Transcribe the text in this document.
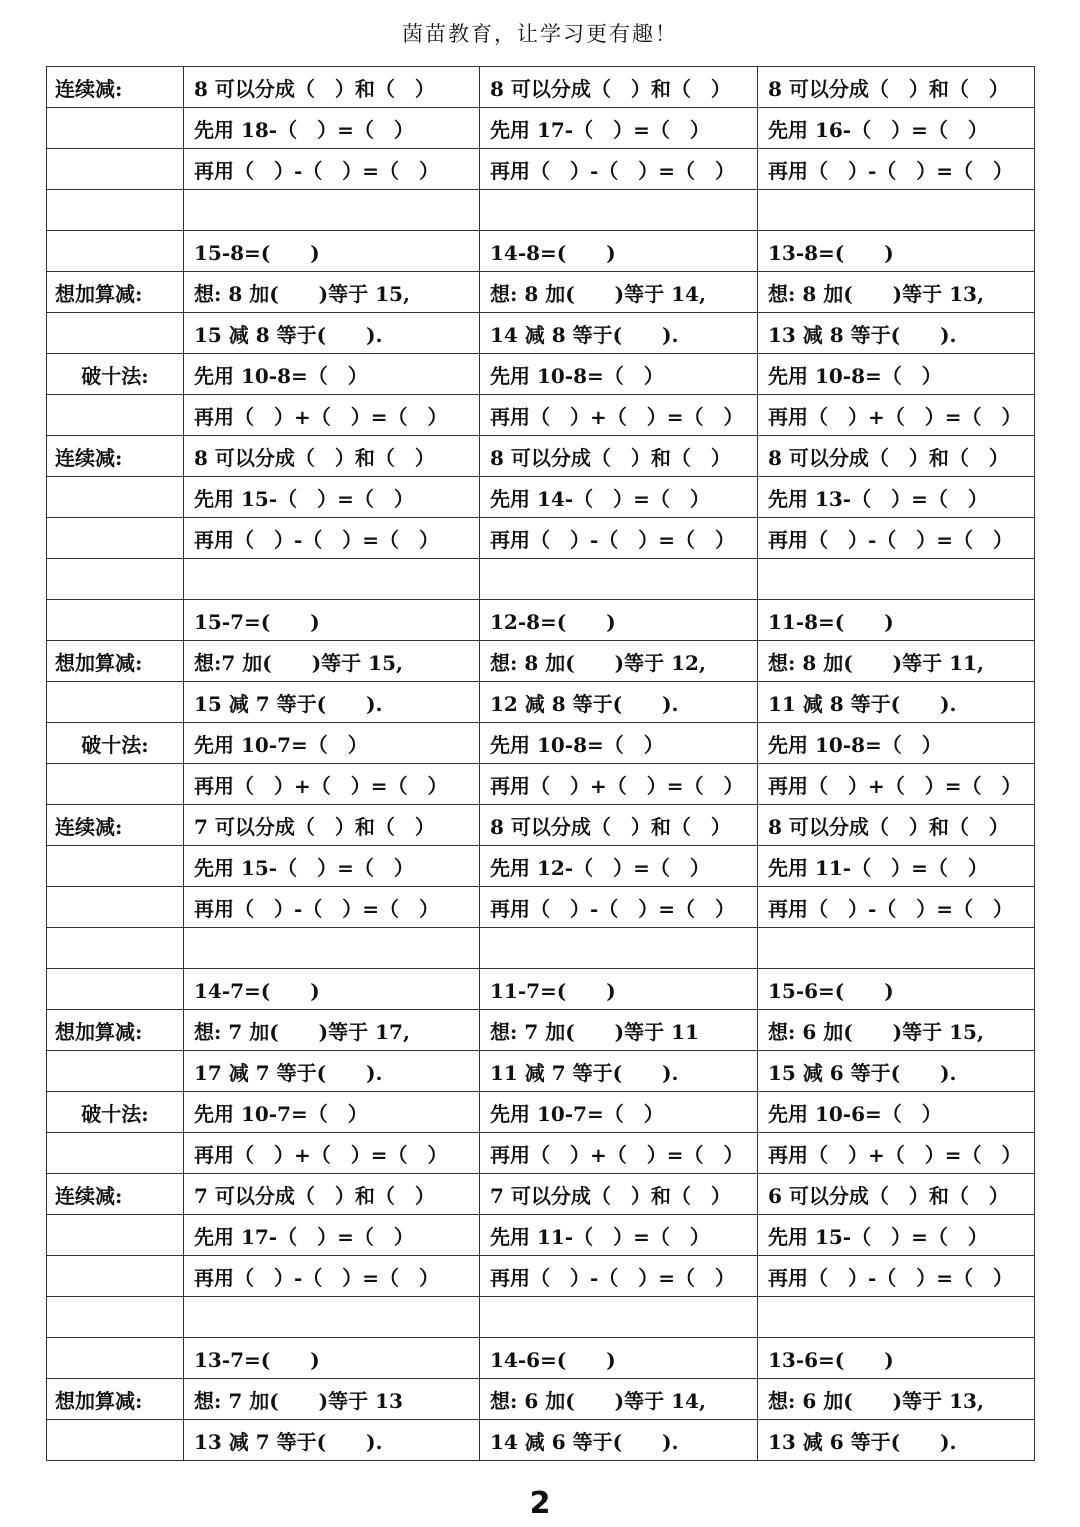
茵苗教育，让学习更有趣！
连续减:	8 可以分成（　）和（　）	8 可以分成（　）和（　）	8 可以分成（　）和（　）
	先用 18-（　）=（　）	先用 17-（　）=（　）	先用 16-（　）=（　）
	再用（　）-（　）=（　）	再用（　）-（　）=（　）	再用（　）-（　）=（　）

	15-8=(　　)	14-8=(　　)	13-8=(　　)
想加算减:	想: 8 加(　　)等于 15,	想: 8 加(　　)等于 14,	想: 8 加(　　)等于 13,
	15 减 8 等于(　　).	14 减 8 等于(　　).	13 减 8 等于(　　).
破十法:	先用 10-8=（　）	先用 10-8=（　）	先用 10-8=（　）
	再用（　）+（　）=（　）	再用（　）+（　）=（　）	再用（　）+（　）=（　）
连续减:	8 可以分成（　）和（　）	8 可以分成（　）和（　）	8 可以分成（　）和（　）
	先用 15-（　）=（　）	先用 14-（　）=（　）	先用 13-（　）=（　）
	再用（　）-（　）=（　）	再用（　）-（　）=（　）	再用（　）-（　）=（　）

	15-7=(　　)	12-8=(　　)	11-8=(　　)
想加算减:	想:7 加(　　)等于 15,	想: 8 加(　　)等于 12,	想: 8 加(　　)等于 11,
	15 减 7 等于(　　).	12 减 8 等于(　　).	11 减 8 等于(　　).
破十法:	先用 10-7=（　）	先用 10-8=（　）	先用 10-8=（　）
	再用（　）+（　）=（　）	再用（　）+（　）=（　）	再用（　）+（　）=（　）
连续减:	7 可以分成（　）和（　）	8 可以分成（　）和（　）	8 可以分成（　）和（　）
	先用 15-（　）=（　）	先用 12-（　）=（　）	先用 11-（　）=（　）
	再用（　）-（　）=（　）	再用（　）-（　）=（　）	再用（　）-（　）=（　）

	14-7=(　　)	11-7=(　　)	15-6=(　　)
想加算减:	想: 7 加(　　)等于 17,	想: 7 加(　　)等于 11	想: 6 加(　　)等于 15,
	17 减 7 等于(　　).	11 减 7 等于(　　).	15 减 6 等于(　　).
破十法:	先用 10-7=（　）	先用 10-7=（　）	先用 10-6=（　）
	再用（　）+（　）=（　）	再用（　）+（　）=（　）	再用（　）+（　）=（　）
连续减:	7 可以分成（　）和（　）	7 可以分成（　）和（　）	6 可以分成（　）和（　）
	先用 17-（　）=（　）	先用 11-（　）=（　）	先用 15-（　）=（　）
	再用（　）-（　）=（　）	再用（　）-（　）=（　）	再用（　）-（　）=（　）

	13-7=(　　)	14-6=(　　)	13-6=(　　)
想加算减:	想: 7 加(　　)等于 13	想: 6 加(　　)等于 14,	想: 6 加(　　)等于 13,
	13 减 7 等于(　　).	14 减 6 等于(　　).	13 减 6 等于(　　).
2
